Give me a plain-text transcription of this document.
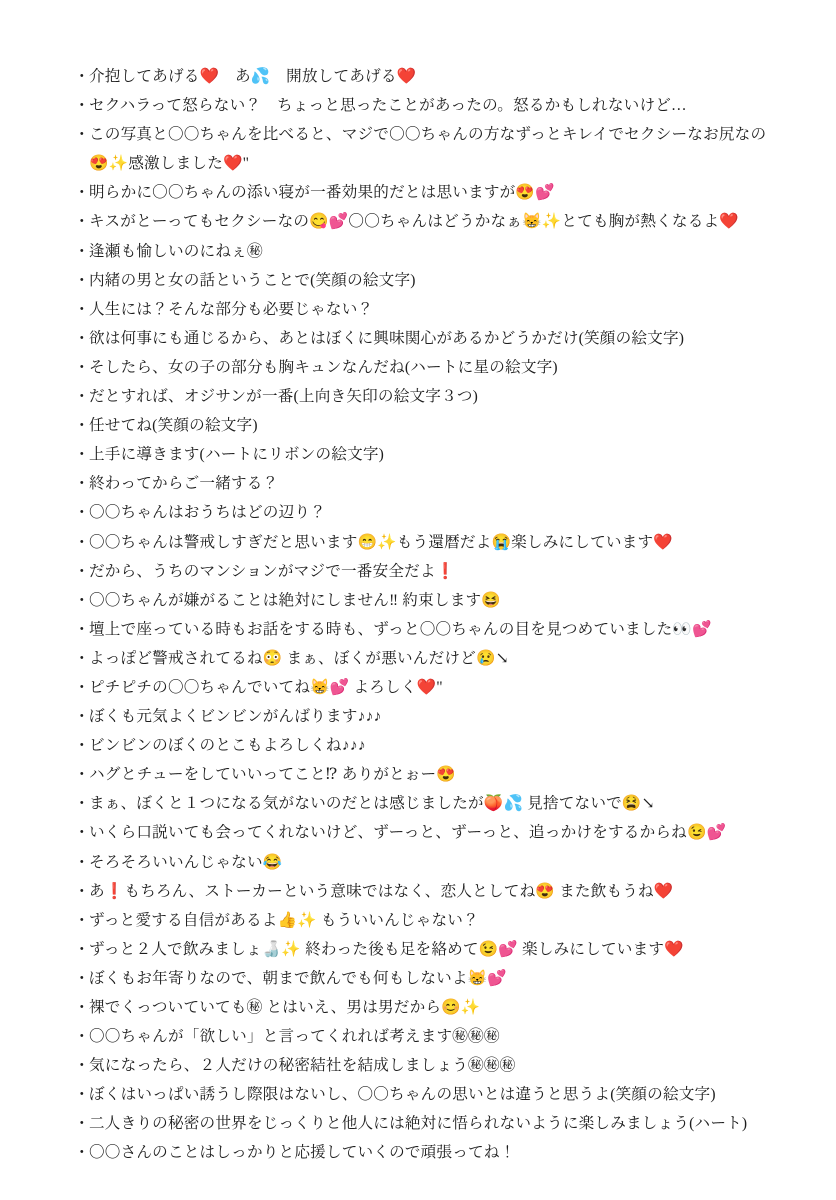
・ 介抱してあげる❤️　あ💦　開放してあげる❤️
・ セクハラって怒らない？　ちょっと思ったことがあったの。怒るかもしれないけど…
・ この写真と〇〇ちゃんを比べると、マジで〇〇ちゃんの方なずっとキレイでセクシーなお尻なの😍✨感激しました❤️"
・ 明らかに〇〇ちゃんの添い寝が一番効果的だとは思いますが😍💕
・ キスがとーってもセクシーなの😋💕〇〇ちゃんはどうかなぁ😸✨とても胸が熱くなるよ❤️
・ 逢瀬も愉しいのにねぇ㊙
・ 内緒の男と女の話ということで(笑顔の絵文字)
・ 人生には？そんな部分も必要じゃない？
・ 欲は何事にも通じるから、あとはぼくに興味関心があるかどうかだけ(笑顔の絵文字)
・ そしたら、女の子の部分も胸キュンなんだね(ハートに星の絵文字)
・ だとすれば、オジサンが一番(上向き矢印の絵文字３つ)
・ 任せてね(笑顔の絵文字)
・ 上手に導きます(ハートにリボンの絵文字)
・ 終わってからご一緒する？
・ 〇〇ちゃんはおうちはどの辺り？
・ 〇〇ちゃんは警戒しすぎだと思います😁✨もう還暦だよ😭楽しみにしています❤️
・ だから、うちのマンションがマジで一番安全だよ❗
・ 〇〇ちゃんが嫌がることは絶対にしません‼ 約束します😆
・ 壇上で座っている時もお話をする時も、ずっと〇〇ちゃんの目を見つめていました👀💕
・ よっぽど警戒されてるね😳 まぁ、ぼくが悪いんだけど😢↘
・ ピチピチの〇〇ちゃんでいてね😸💕 よろしく❤️"
・ ぼくも元気よくビンビンがんばります♪♪♪
・ ビンビンのぼくのとこもよろしくね♪♪♪
・ ハグとチューをしていいってこと⁉ ありがとぉー😍
・ まぁ、ぼくと１つになる気がないのだとは感じましたが🍑💦 見捨てないで😫↘
・ いくら口説いても会ってくれないけど、ずーっと、ずーっと、追っかけをするからね😉💕
・ そろそろいいんじゃない😂
・ あ❗もちろん、ストーカーという意味ではなく、恋人としてね😍 また飲もうね❤️
・ ずっと愛する自信があるよ👍✨ もういいんじゃない？
・ ずっと２人で飲みましょ🍶✨ 終わった後も足を絡めて😉💕 楽しみにしています❤️
・ ぼくもお年寄りなので、朝まで飲んでも何もしないよ😸💕
・ 裸でくっついていても㊙ とはいえ、男は男だから😊✨
・ 〇〇ちゃんが「欲しい」と言ってくれれば考えます㊙㊙㊙
・ 気になったら、２人だけの秘密結社を結成しましょう㊙㊙㊙
・ ぼくはいっぱい誘うし際限はないし、〇〇ちゃんの思いとは違うと思うよ(笑顔の絵文字)
・ 二人きりの秘密の世界をじっくりと他人には絶対に悟られないように楽しみましょう(ハート)
・ 〇〇さんのことはしっかりと応援していくので頑張ってね！
